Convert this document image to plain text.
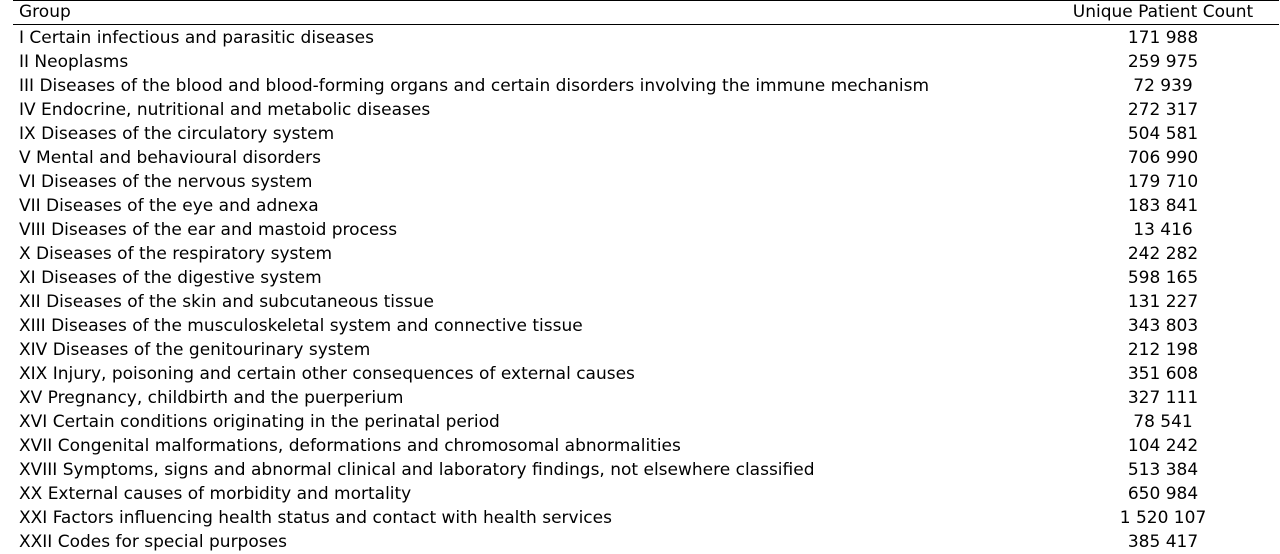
Group	Unique Patient Count
I Certain infectious and parasitic diseases	171 988
II Neoplasms	259 975
III Diseases of the blood and blood-forming organs and certain disorders involving the immune mechanism	72 939
IV Endocrine, nutritional and metabolic diseases	272 317
IX Diseases of the circulatory system	504 581
V Mental and behavioural disorders	706 990
VI Diseases of the nervous system	179 710
VII Diseases of the eye and adnexa	183 841
VIII Diseases of the ear and mastoid process	13 416
X Diseases of the respiratory system	242 282
XI Diseases of the digestive system	598 165
XII Diseases of the skin and subcutaneous tissue	131 227
XIII Diseases of the musculoskeletal system and connective tissue	343 803
XIV Diseases of the genitourinary system	212 198
XIX Injury, poisoning and certain other consequences of external causes	351 608
XV Pregnancy, childbirth and the puerperium	327 111
XVI Certain conditions originating in the perinatal period	78 541
XVII Congenital malformations, deformations and chromosomal abnormalities	104 242
XVIII Symptoms, signs and abnormal clinical and laboratory findings, not elsewhere classified	513 384
XX External causes of morbidity and mortality	650 984
XXI Factors influencing health status and contact with health services	1 520 107
XXII Codes for special purposes	385 417
